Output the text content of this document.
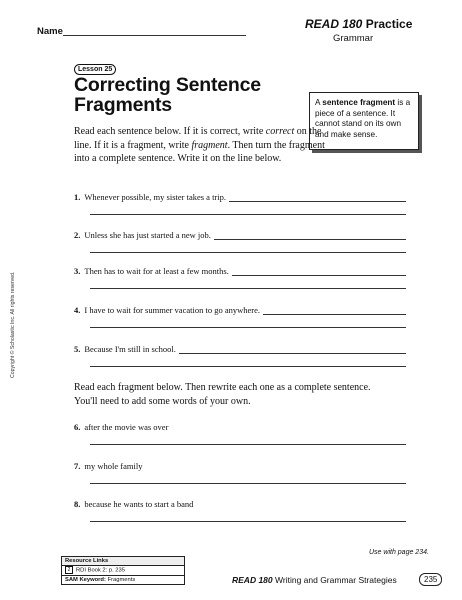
Name
READ 180 Practice
Grammar
Lesson 25
Correcting Sentence Fragments	A sentence fragment is a piece of a sentence. It cannot stand on its own and make sense.
Read each sentence below. If it is correct, write correct on the line. If it is a fragment, write fragment. Then turn the fragment into a complete sentence. Write it on the line below.
1. Whenever possible, my sister takes a trip.
2. Unless she has just started a new job.
3. Then has to wait for at least a few months.
4. I have to wait for summer vacation to go anywhere.
5. Because I'm still in school.
Read each fragment below. Then rewrite each one as a complete sentence. You'll need to add some words of your own.
6. after the movie was over
7. my whole family
8. because he wants to start a band
Copyright © Scholastic Inc. All rights reserved.
Resource Links
2 RDI Book 2: p. 235
SAM Keyword: Fragments
Use with page 234.
READ 180 Writing and Grammar Strategies	235
